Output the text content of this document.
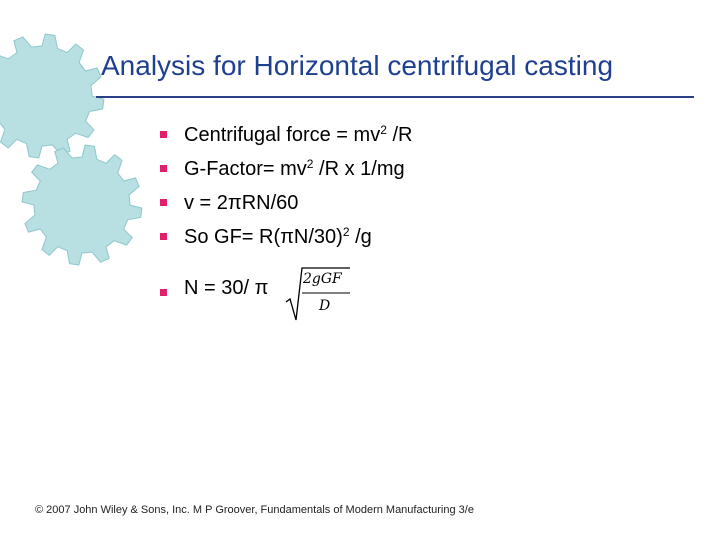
Analysis for Horizontal centrifugal casting
Centrifugal force = $mv^2$ /R
G-Factor= $mv^2$ /R x 1/mg
v = 2πRN/60
So $GF= R(\pi N/30)^2$ /g
N = 30/ π 2gGF
D
© 2007 John Wiley & Sons, Inc. M P Groover, Fundamentals of Modern Manufacturing 3/e
